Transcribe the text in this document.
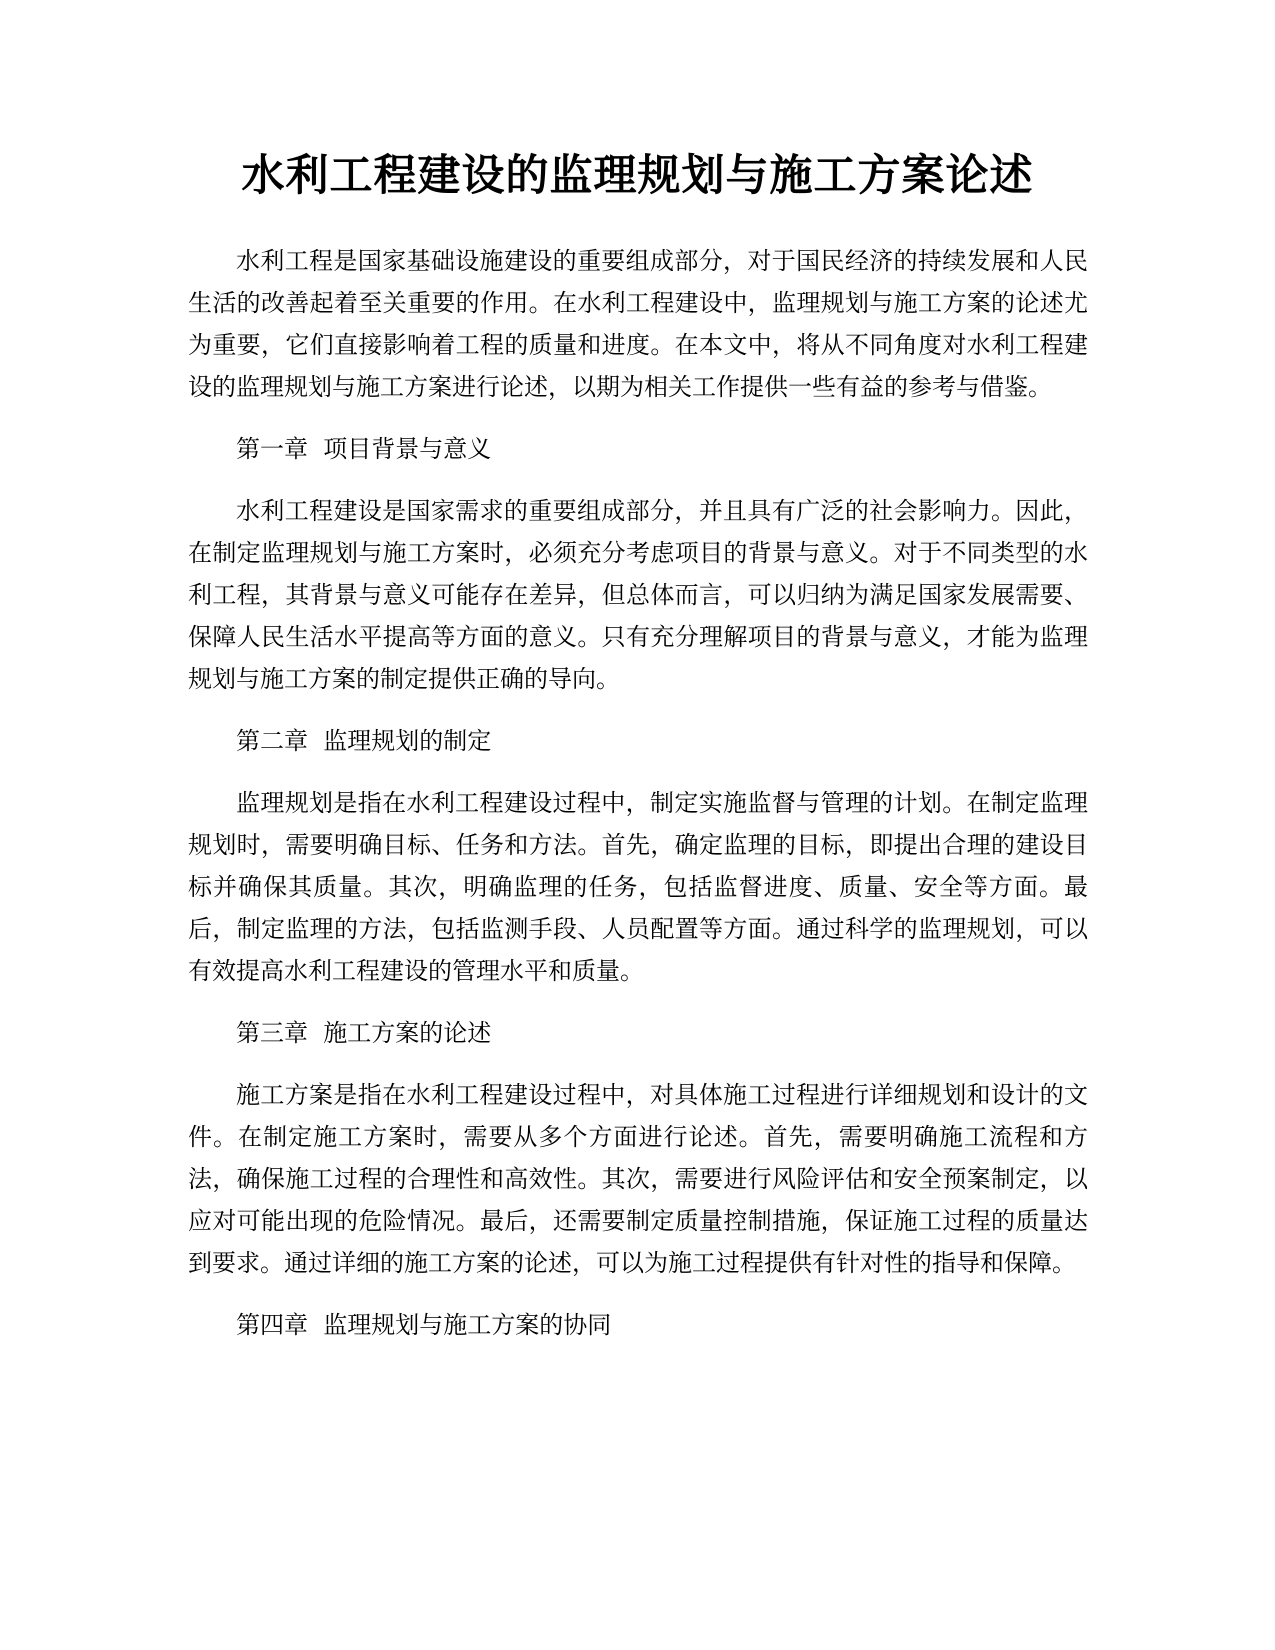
水利工程建设的监理规划与施工方案论述

水利工程是国家基础设施建设的重要组成部分，对于国民经济的持续发展和人民生活的改善起着至关重要的作用。在水利工程建设中，监理规划与施工方案的论述尤为重要，它们直接影响着工程的质量和进度。在本文中，将从不同角度对水利工程建设的监理规划与施工方案进行论述，以期为相关工作提供一些有益的参考与借鉴。

第一章  项目背景与意义

水利工程建设是国家需求的重要组成部分，并且具有广泛的社会影响力。因此，在制定监理规划与施工方案时，必须充分考虑项目的背景与意义。对于不同类型的水利工程，其背景与意义可能存在差异，但总体而言，可以归纳为满足国家发展需要、保障人民生活水平提高等方面的意义。只有充分理解项目的背景与意义，才能为监理规划与施工方案的制定提供正确的导向。

第二章  监理规划的制定

监理规划是指在水利工程建设过程中，制定实施监督与管理的计划。在制定监理规划时，需要明确目标、任务和方法。首先，确定监理的目标，即提出合理的建设目标并确保其质量。其次，明确监理的任务，包括监督进度、质量、安全等方面。最后，制定监理的方法，包括监测手段、人员配置等方面。通过科学的监理规划，可以有效提高水利工程建设的管理水平和质量。

第三章  施工方案的论述

施工方案是指在水利工程建设过程中，对具体施工过程进行详细规划和设计的文件。在制定施工方案时，需要从多个方面进行论述。首先，需要明确施工流程和方法，确保施工过程的合理性和高效性。其次，需要进行风险评估和安全预案制定，以应对可能出现的危险情况。最后，还需要制定质量控制措施，保证施工过程的质量达到要求。通过详细的施工方案的论述，可以为施工过程提供有针对性的指导和保障。

第四章  监理规划与施工方案的协同
